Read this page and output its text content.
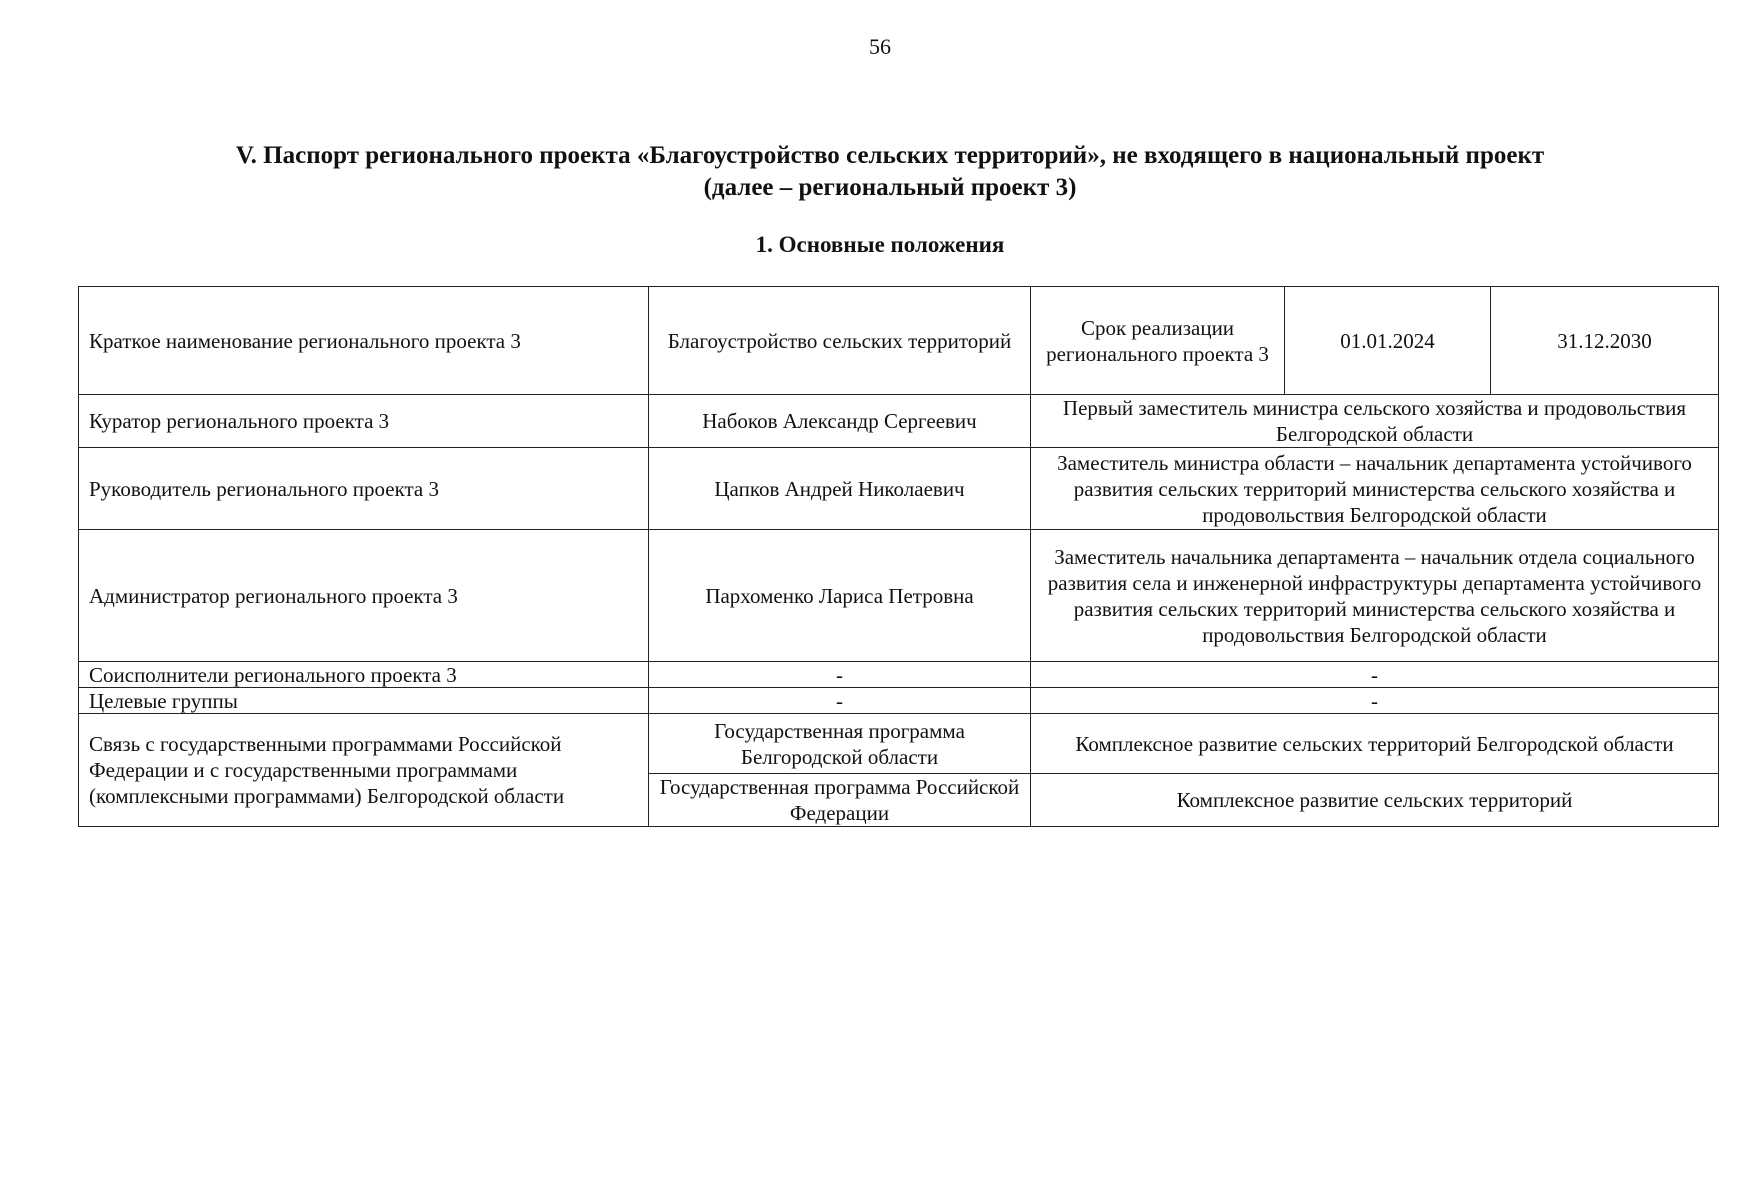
56
V. Паспорт регионального проекта «Благоустройство сельских территорий», не входящего в национальный проект
(далее – региональный проект 3)
1. Основные положения
Краткое наименование регионального проекта 3	Благоустройство сельских территорий	Срок реализации регионального проекта 3	01.01.2024	31.12.2030
Куратор регионального проекта 3	Набоков Александр Сергеевич	Первый заместитель министра сельского хозяйства и продовольствия Белгородской области		
Руководитель регионального проекта 3	Цапков Андрей Николаевич	Заместитель министра области – начальник департамента устойчивого развития сельских территорий министерства сельского хозяйства и продовольствия Белгородской области		
Администратор регионального проекта 3	Пархоменко Лариса Петровна	Заместитель начальника департамента – начальник отдела социального развития села и инженерной инфраструктуры департамента устойчивого развития сельских территорий министерства сельского хозяйства и продовольствия Белгородской области		
Соисполнители регионального проекта 3	-	-		
Целевые группы	-	-		
Связь с государственными программами Российской Федерации и с государственными программами (комплексными программами) Белгородской области	Государственная программа Белгородской области	Комплексное развитие сельских территорий Белгородской области		
	Государственная программа Российской Федерации	Комплексное развитие сельских территорий		
